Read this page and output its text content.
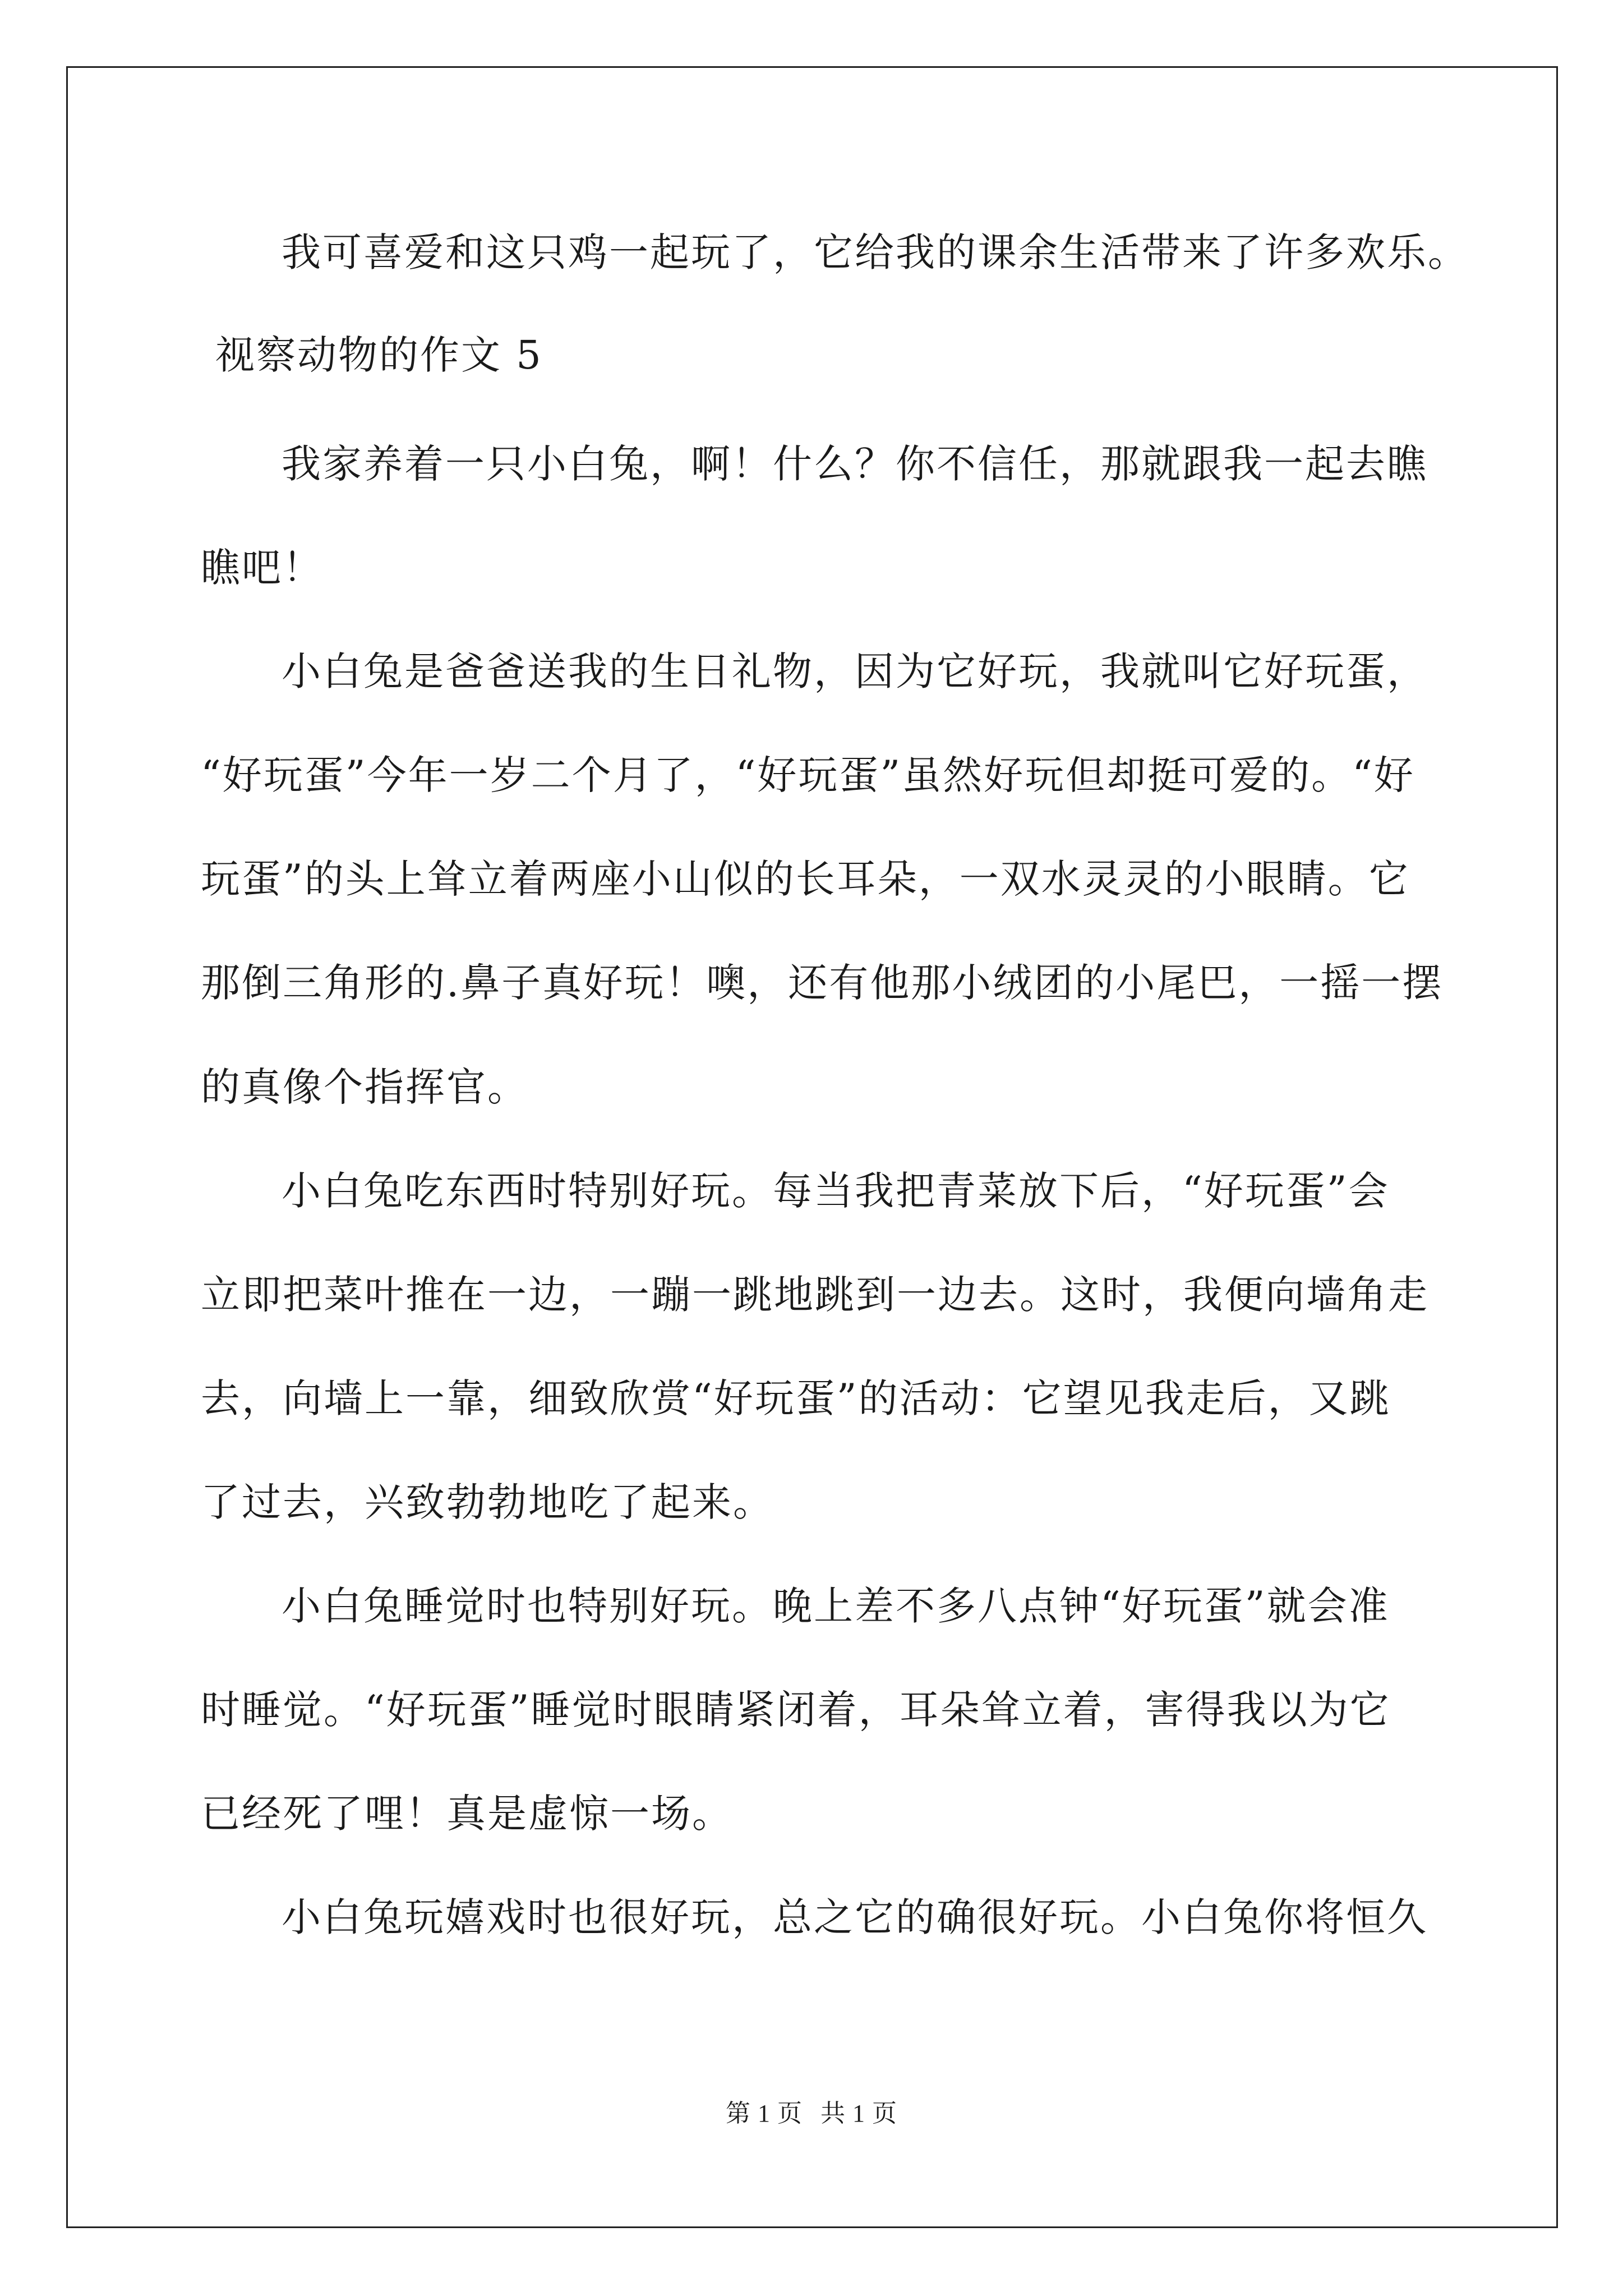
我可喜爱和这只鸡一起玩了，它给我的课余生活带来了许多欢乐。
视察动物的作文 5
我家养着一只小白兔，啊！什么？你不信任，那就跟我一起去瞧
瞧吧！
小白兔是爸爸送我的生日礼物，因为它好玩，我就叫它好玩蛋，
“好玩蛋”今年一岁二个月了，“好玩蛋”虽然好玩但却挺可爱的。“好
玩蛋”的头上耸立着两座小山似的长耳朵，一双水灵灵的小眼睛。它
那倒三角形的.鼻子真好玩！噢，还有他那小绒团的小尾巴，一摇一摆
的真像个指挥官。
小白兔吃东西时特别好玩。每当我把青菜放下后，“好玩蛋”会
立即把菜叶推在一边，一蹦一跳地跳到一边去。这时，我便向墙角走
去，向墙上一靠，细致欣赏“好玩蛋”的活动：它望见我走后，又跳
了过去，兴致勃勃地吃了起来。
小白兔睡觉时也特别好玩。晚上差不多八点钟“好玩蛋”就会准
时睡觉。“好玩蛋”睡觉时眼睛紧闭着，耳朵耸立着，害得我以为它
已经死了哩！真是虚惊一场。
小白兔玩嬉戏时也很好玩，总之它的确很好玩。小白兔你将恒久
第 1 页 共 1 页
